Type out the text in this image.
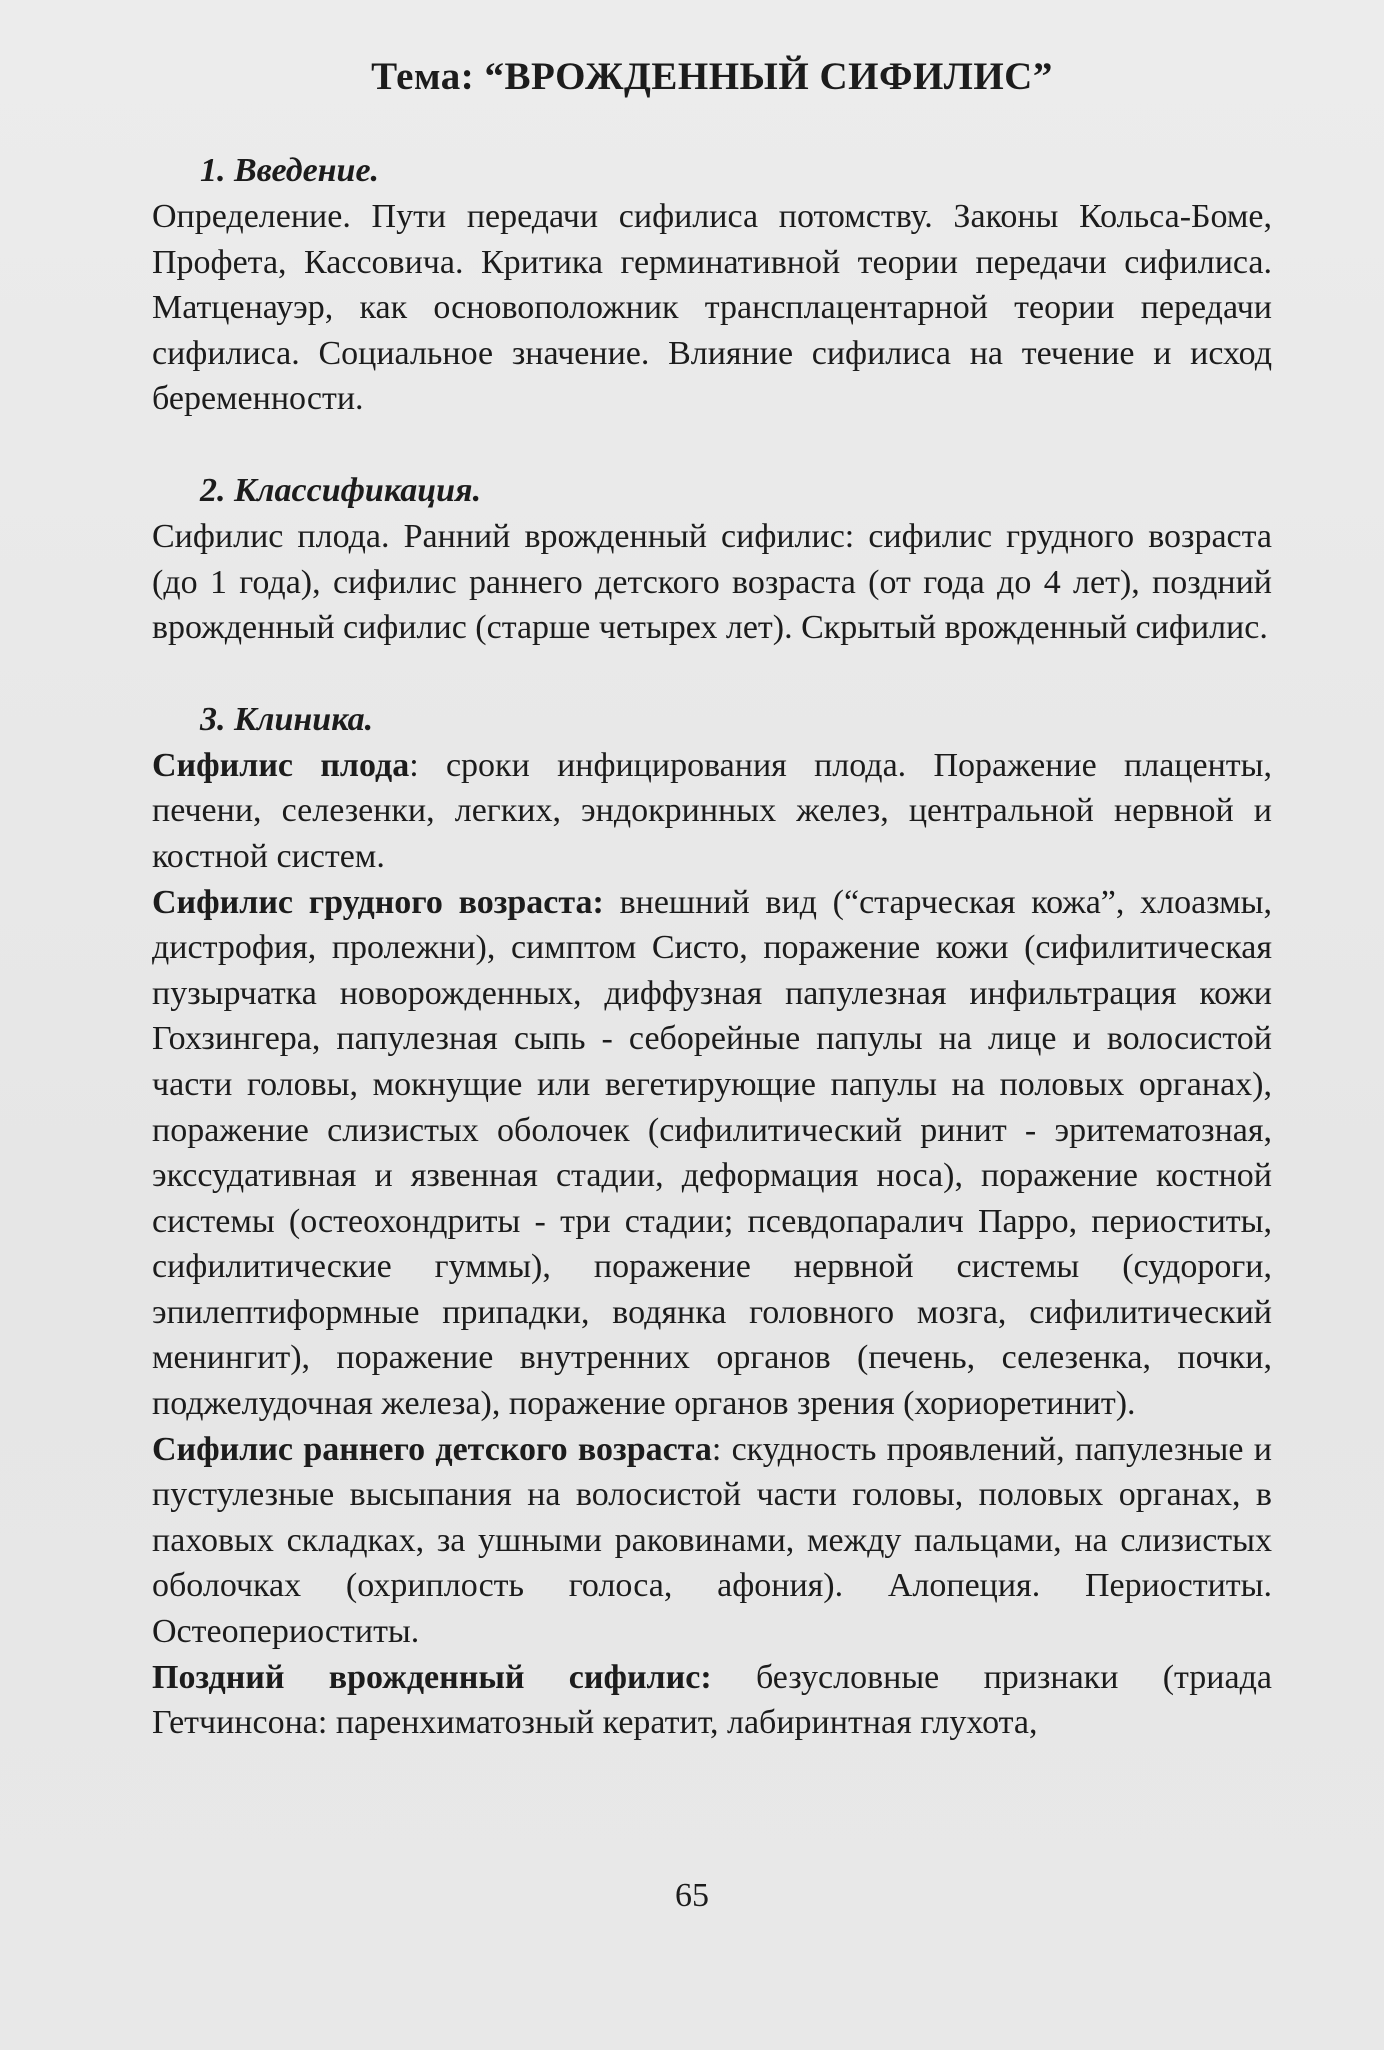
Тема: “ВРОЖДЕННЫЙ СИФИЛИС”
1. Введение.

Определение. Пути передачи сифилиса потомству. Законы Кольса-Боме, Профета, Кассовича. Критика герминативной теории передачи сифилиса. Матценауэр, как основоположник трансплацентарной теории передачи сифилиса. Социальное значение. Влияние сифилиса на течение и исход беременности.

2. Классификация.

Сифилис плода. Ранний врожденный сифилис: сифилис грудного возраста (до 1 года), сифилис раннего детского возраста (от года до 4 лет), поздний врожденный сифилис (старше четырех лет). Скрытый врожденный сифилис.

3. Клиника.

Сифилис плода: сроки инфицирования плода. Поражение плаценты, печени, селезенки, легких, эндокринных желез, центральной нервной и костной систем.

Сифилис грудного возраста: внешний вид (“старческая кожа”, хлоазмы, дистрофия, пролежни), симптом Систо, поражение кожи (сифилитическая пузырчатка новорожденных, диффузная папулезная инфильтрация кожи Гохзингера, папулезная сыпь - себорейные папулы на лице и волосистой части головы, мокнущие или вегетирующие папулы на половых органах), поражение слизистых оболочек (сифилитический ринит - эритематозная, экссудативная и язвенная стадии, деформация носа), поражение костной системы (остеохондриты - три стадии; псевдопаралич Парро, периоститы, сифилитические гуммы), поражение нервной системы (судороги, эпилептиформные припадки, водянка головного мозга, сифилитический менингит), поражение внутренних органов (печень, селезенка, почки, поджелудочная железа), поражение органов зрения (хориоретинит).

Сифилис раннего детского возраста: скудность проявлений, папулезные и пустулезные высыпания на волосистой части головы, половых органах, в паховых складках, за ушными раковинами, между пальцами, на слизистых оболочках (охриплость голоса, афония). Алопеция. Периоститы. Остеопериоститы.

Поздний врожденный сифилис: безусловные признаки (триада Гетчинсона: паренхиматозный кератит, лабиринтная глухота,

65
